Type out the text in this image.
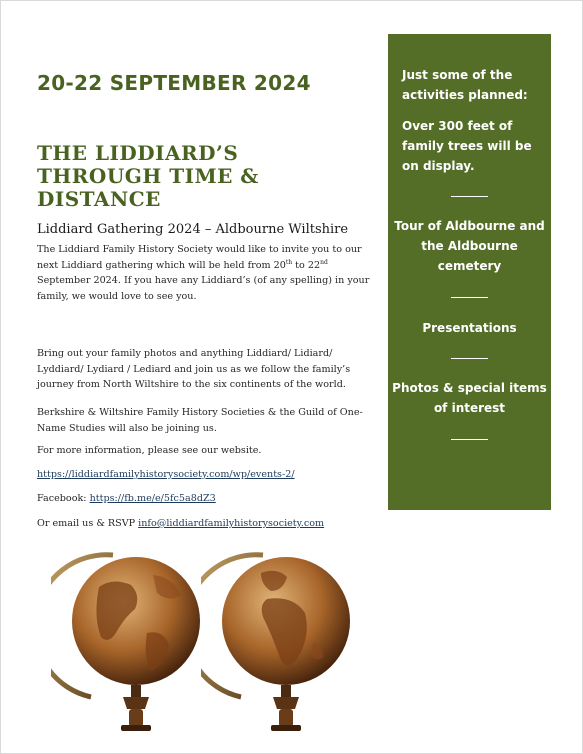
20-22 SEPTEMBER 2024
THE LIDDIARD’S THROUGH TIME & DISTANCE
Liddiard Gathering 2024 – Aldbourne Wiltshire
The Liddiard Family History Society would like to invite you to our next Liddiard gathering which will be held from 20th to 22nd September 2024. If you have any Liddiard’s (of any spelling) in your family, we would love to see you.
Bring out your family photos and anything Liddiard/ Lidiard/ Lyddiard/ Lydiard / Lediard and join us as we follow the family’s journey from North Wiltshire to the six continents of the world.
Berkshire & Wiltshire Family History Societies & the Guild of One-Name Studies will also be joining us.
For more information, please see our website.
https://liddiardfamilyhistorysociety.com/wp/events-2/
Facebook: https://fb.me/e/5fc5a8dZ3
Or email us & RSVP info@liddiardfamilyhistorysociety.com
Just some of the activities planned:
Over 300 feet of family trees will be on display.
Tour of Aldbourne and the Aldbourne cemetery
Presentations
Photos & special items of interest
